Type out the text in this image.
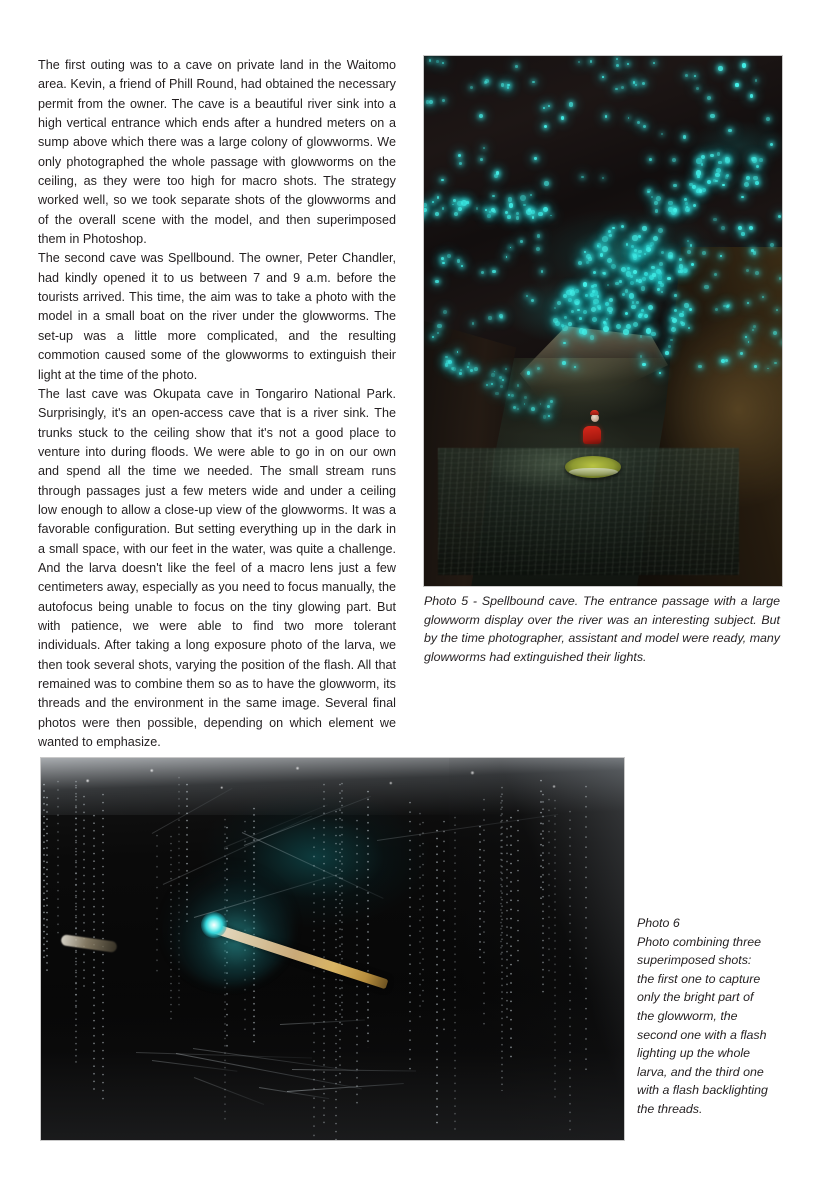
The first outing was to a cave on private land in the Waitomo area. Kevin, a friend of Phill Round, had obtained the necessary permit from the owner. The cave is a beautiful river sink into a high vertical entrance which ends after a hundred meters on a sump above which there was a large colony of glowworms. We only photographed the whole passage with glowworms on the ceiling, as they were too high for macro shots. The strategy worked well, so we took separate shots of the glowworms and of the overall scene with the model, and then superimposed them in Photoshop.

The second cave was Spellbound. The owner, Peter Chandler, had kindly opened it to us between 7 and 9 a.m. before the tourists arrived. This time, the aim was to take a photo with the model in a small boat on the river under the glowworms. The set-up was a little more complicated, and the resulting commotion caused some of the glowworms to extinguish their light at the time of the photo.

The last cave was Okupata cave in Tongariro National Park. Surprisingly, it's an open-access cave that is a river sink. The trunks stuck to the ceiling show that it's not a good place to venture into during floods. We were able to go in on our own and spend all the time we needed. The small stream runs through passages just a few meters wide and under a ceiling low enough to allow a close-up view of the glowworms. It was a favorable configuration. But setting everything up in the dark in a small space, with our feet in the water, was quite a challenge. And the larva doesn't like the feel of a macro lens just a few centimeters away, especially as you need to focus manually, the autofocus being unable to focus on the tiny glowing part. But with patience, we were able to find two more tolerant individuals. After taking a long exposure photo of the larva, we then took several shots, varying the position of the flash. All that remained was to combine them so as to have the glowworm, its threads and the environment in the same image. Several final photos were then possible, depending on which element we wanted to emphasize.

Photo 5 - Spellbound cave. The entrance passage with a large glowworm display over the river was an interesting subject. But by the time photographer, assistant and model were ready, many glowworms had extinguished their lights.

Photo 6
Photo combining three superimposed shots: the first one to capture only the bright part of the glowworm, the second one with a flash lighting up the whole larva, and the third one with a flash backlighting the threads.
